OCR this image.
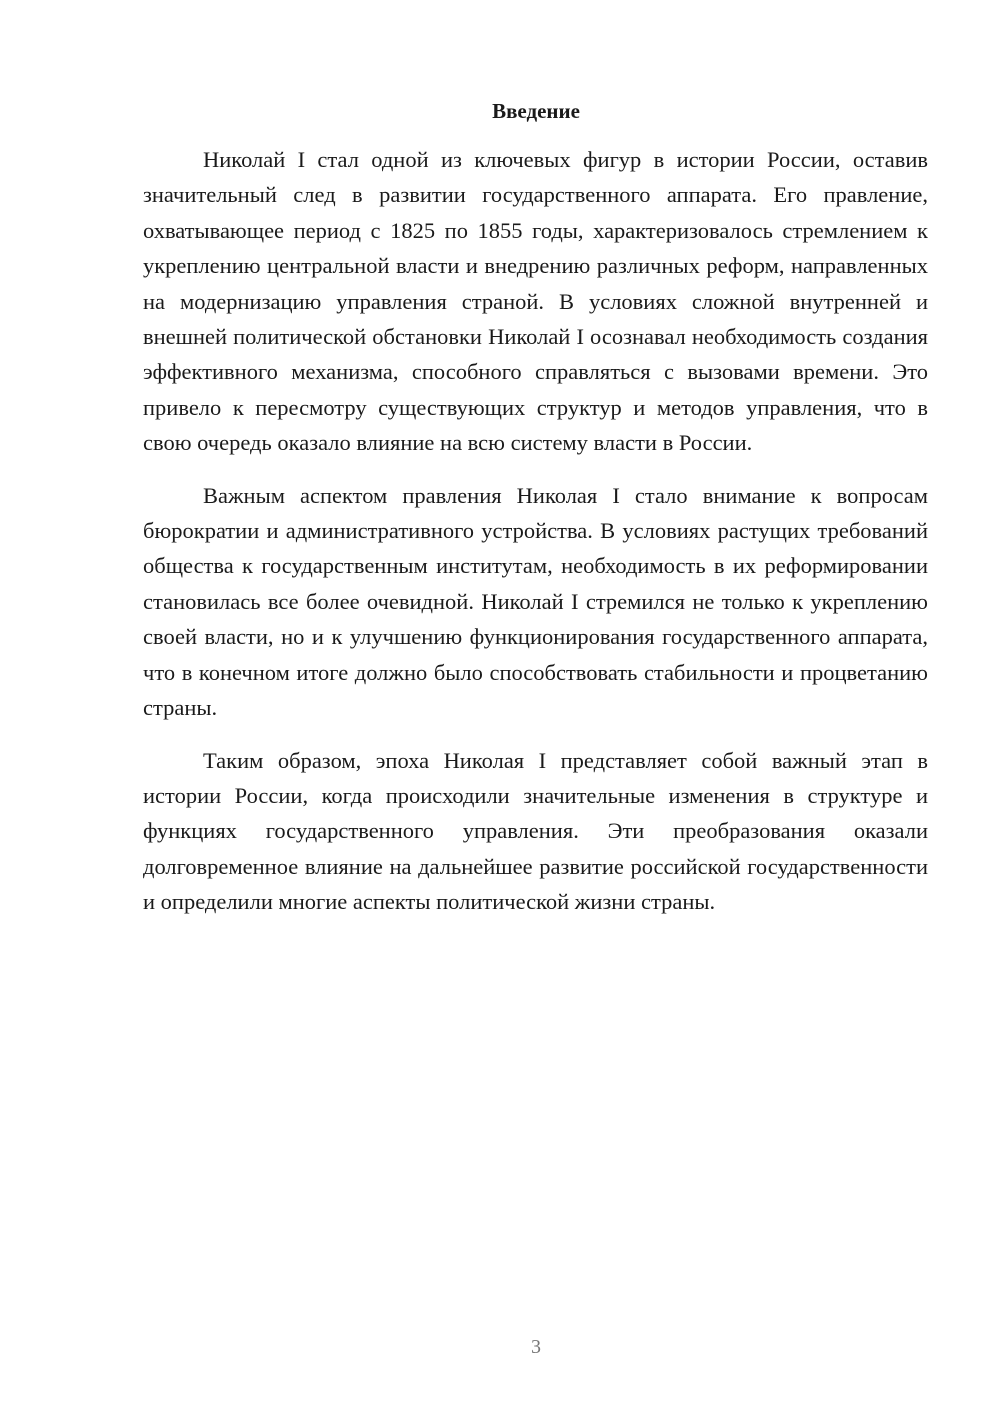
Введение

Николай I стал одной из ключевых фигур в истории России, оставив значительный след в развитии государственного аппарата. Его правление, охватывающее период с 1825 по 1855 годы, характеризовалось стремлением к укреплению центральной власти и внедрению различных реформ, направленных на модернизацию управления страной. В условиях сложной внутренней и внешней политической обстановки Николай I осознавал необходимость создания эффективного механизма, способного справляться с вызовами времени. Это привело к пересмотру существующих структур и методов управления, что в свою очередь оказало влияние на всю систему власти в России.

Важным аспектом правления Николая I стало внимание к вопросам бюрократии и административного устройства. В условиях растущих требований общества к государственным институтам, необходимость в их реформировании становилась все более очевидной. Николай I стремился не только к укреплению своей власти, но и к улучшению функционирования государственного аппарата, что в конечном итоге должно было способствовать стабильности и процветанию страны.

Таким образом, эпоха Николая I представляет собой важный этап в истории России, когда происходили значительные изменения в структуре и функциях государственного управления. Эти преобразования оказали долговременное влияние на дальнейшее развитие российской государственности и определили многие аспекты политической жизни страны.

3
